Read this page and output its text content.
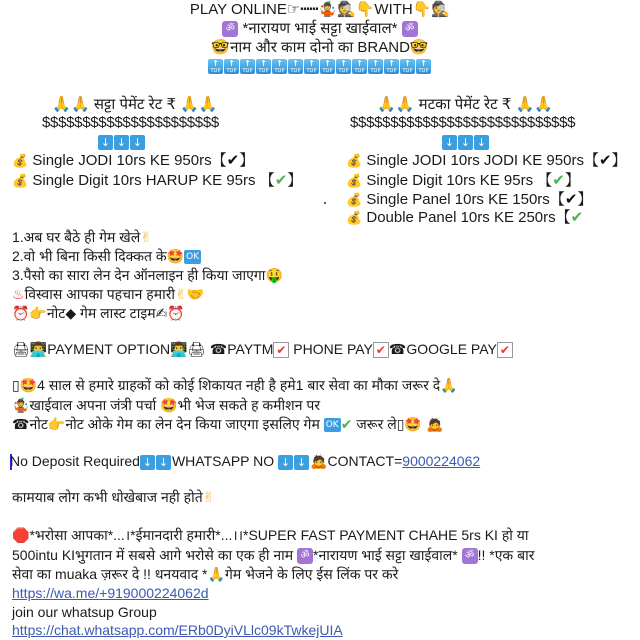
PLAY ONLINE☞┅┅🤹🕵👇WITH👇🕵
ॐ *नारायण भाई सट्टा खाईवाल* ॐ
🤓नाम और काम दोनो का BRAND🤓
↑
TOP
↑
TOP
↑
TOP
↑
TOP
↑
TOP
↑
TOP
↑
TOP
↑
TOP
↑
TOP
↑
TOP
↑
TOP
↑
TOP
↑
TOP
↑
TOP
🙏🙏 सट्टा पेमेंट रेट ₹ 🙏🙏
$$$$$$$$$$$$$$$$$$$$$$
↓ ↓ ↓
💰 Single JODI 10rs KE 950rs【✔】
💰 Single Digit 10rs HARUP KE 95rs 【✔】
🙏🙏 मटका पेमेंट रेट ₹ 🙏🙏
$$$$$$$$$$$$$$$$$$$$$$$$$$$$
↓ ↓ ↓
💰 Single JODI 10rs JODI KE 950rs【✔】
💰 Single Digit 10rs KE 95rs 【✔】
💰 Single Panel 10rs KE 150rs【✔】
💰 Double Panel 10rs KE 250rs【✔
1.अब घर बैठे ही गेम खेले✌
2.वो भी बिना किसी दिक्कत के🤩 OK
3.पैसो का सारा लेन देन ऑनलाइन ही किया जाएगा🤑
♨विस्वास आपका पहचान हमारी✌🤝
⏰👉नोट◆ गेम लास्ट टाइम✍⏰
🖨👨‍💻PAYMENT OPTION👨‍💻🖨 ☎PAYTM ✔ PHONE PAY ✔ ☎GOOGLE PAY ✔
▯🤩4 साल से हमारे ग्राहकों को कोई शिकायत नही है हमे1 बार सेवा का मौका जरूर दे🙏
🤹खाईवाल अपना जंत्री पर्चा 🤩भी भेज सकते ह कमीशन पर
☎नोट👉नोट ओके गेम का लेन देन किया जाएगा इसलिए गेम OK ✔ जरूर ले▯🤩 🙇
No Deposit Required ↓ ↓ WHATSAPP NO ↓ ↓ 🙇CONTACT=9000224062
कामयाब लोग कभी धोखेबाज नही होते✌
🛑*भरोसा आपका*...।*ईमानदारी हमारी*...।।*SUPER FAST PAYMENT CHAHE 5rs KI हो या
500intu KIभुगतान में सबसे आगे भरोसे का एक ही नाम ॐ *नारायण भाई सट्टा खाईवाल* ॐ !! *एक बार
सेवा का muaka ज़रूर दे !! धनयवाद *🙏गेम भेजने के लिए ईस लिंक पर करे
https://wa.me/+919000224062d
join our whatsup Group
https://chat.whatsapp.com/ERb0DyiVLlc09kTwkejUIA
